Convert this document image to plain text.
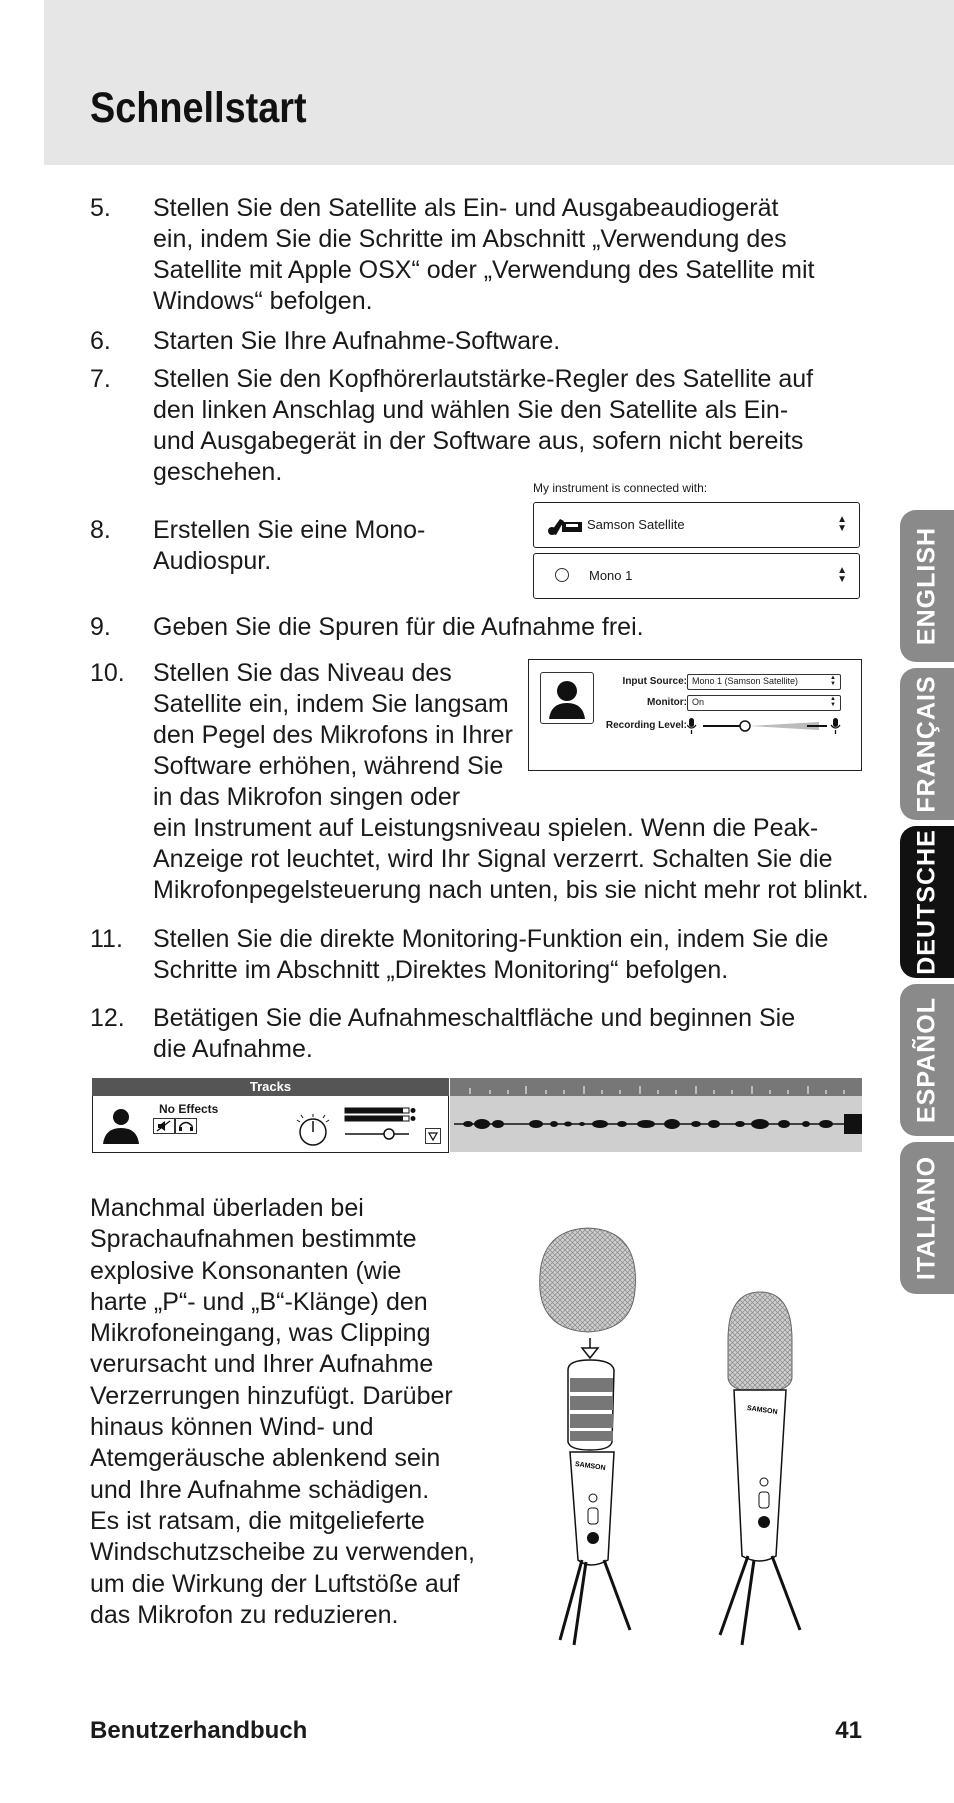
Schnellstart
5.	Stellen Sie den Satellite als Ein- und Ausgabeaudiogerät
ein, indem Sie die Schritte im Abschnitt „Verwendung des
Satellite mit Apple OSX“ oder „Verwendung des Satellite mit
Windows“ befolgen.
6.	Starten Sie Ihre Aufnahme-Software.
7.	Stellen Sie den Kopfhörerlautstärke-Regler des Satellite auf
den linken Anschlag und wählen Sie den Satellite als Ein-
und Ausgabegerät in der Software aus, sofern nicht bereits
geschehen.
8.	Erstellen Sie eine Mono-
Audiospur.
9.	Geben Sie die Spuren für die Aufnahme frei.
10.	Stellen Sie das Niveau des
Satellite ein, indem Sie langsam
den Pegel des Mikrofons in Ihrer
Software erhöhen, während Sie
in das Mikrofon singen oder
ein Instrument auf Leistungsniveau spielen. Wenn die Peak-
Anzeige rot leuchtet, wird Ihr Signal verzerrt. Schalten Sie die
Mikrofonpegelsteuerung nach unten, bis sie nicht mehr rot blinkt.
11.	Stellen Sie die direkte Monitoring-Funktion ein, indem Sie die
Schritte im Abschnitt „Direktes Monitoring“ befolgen.
12.	Betätigen Sie die Aufnahmeschaltfläche und beginnen Sie
die Aufnahme.
My instrument is connected with:
Samson Satellite	▲
▼
Mono 1	▲
▼
Input Source: Mono 1 (Samson Satellite)	▲
▼
Monitor: On	▲
▼
Recording Level:
Tracks
No Effects
Manchmal überladen bei
Sprachaufnahmen bestimmte
explosive Konsonanten (wie
harte „P“- und „B“-Klänge) den
Mikrofoneingang, was Clipping
verursacht und Ihrer Aufnahme
Verzerrungen hinzufügt. Darüber
hinaus können Wind- und
Atemgeräusche ablenkend sein
und Ihre Aufnahme schädigen.
Es ist ratsam, die mitgelieferte
Windschutzscheibe zu verwenden,
um die Wirkung der Luftstöße auf
das Mikrofon zu reduzieren.
SAMSON
SAMSON
ENGLISH
FRANÇAIS
DEUTSCHE
ESPAÑOL
ITALIANO
Benutzerhandbuch	41
